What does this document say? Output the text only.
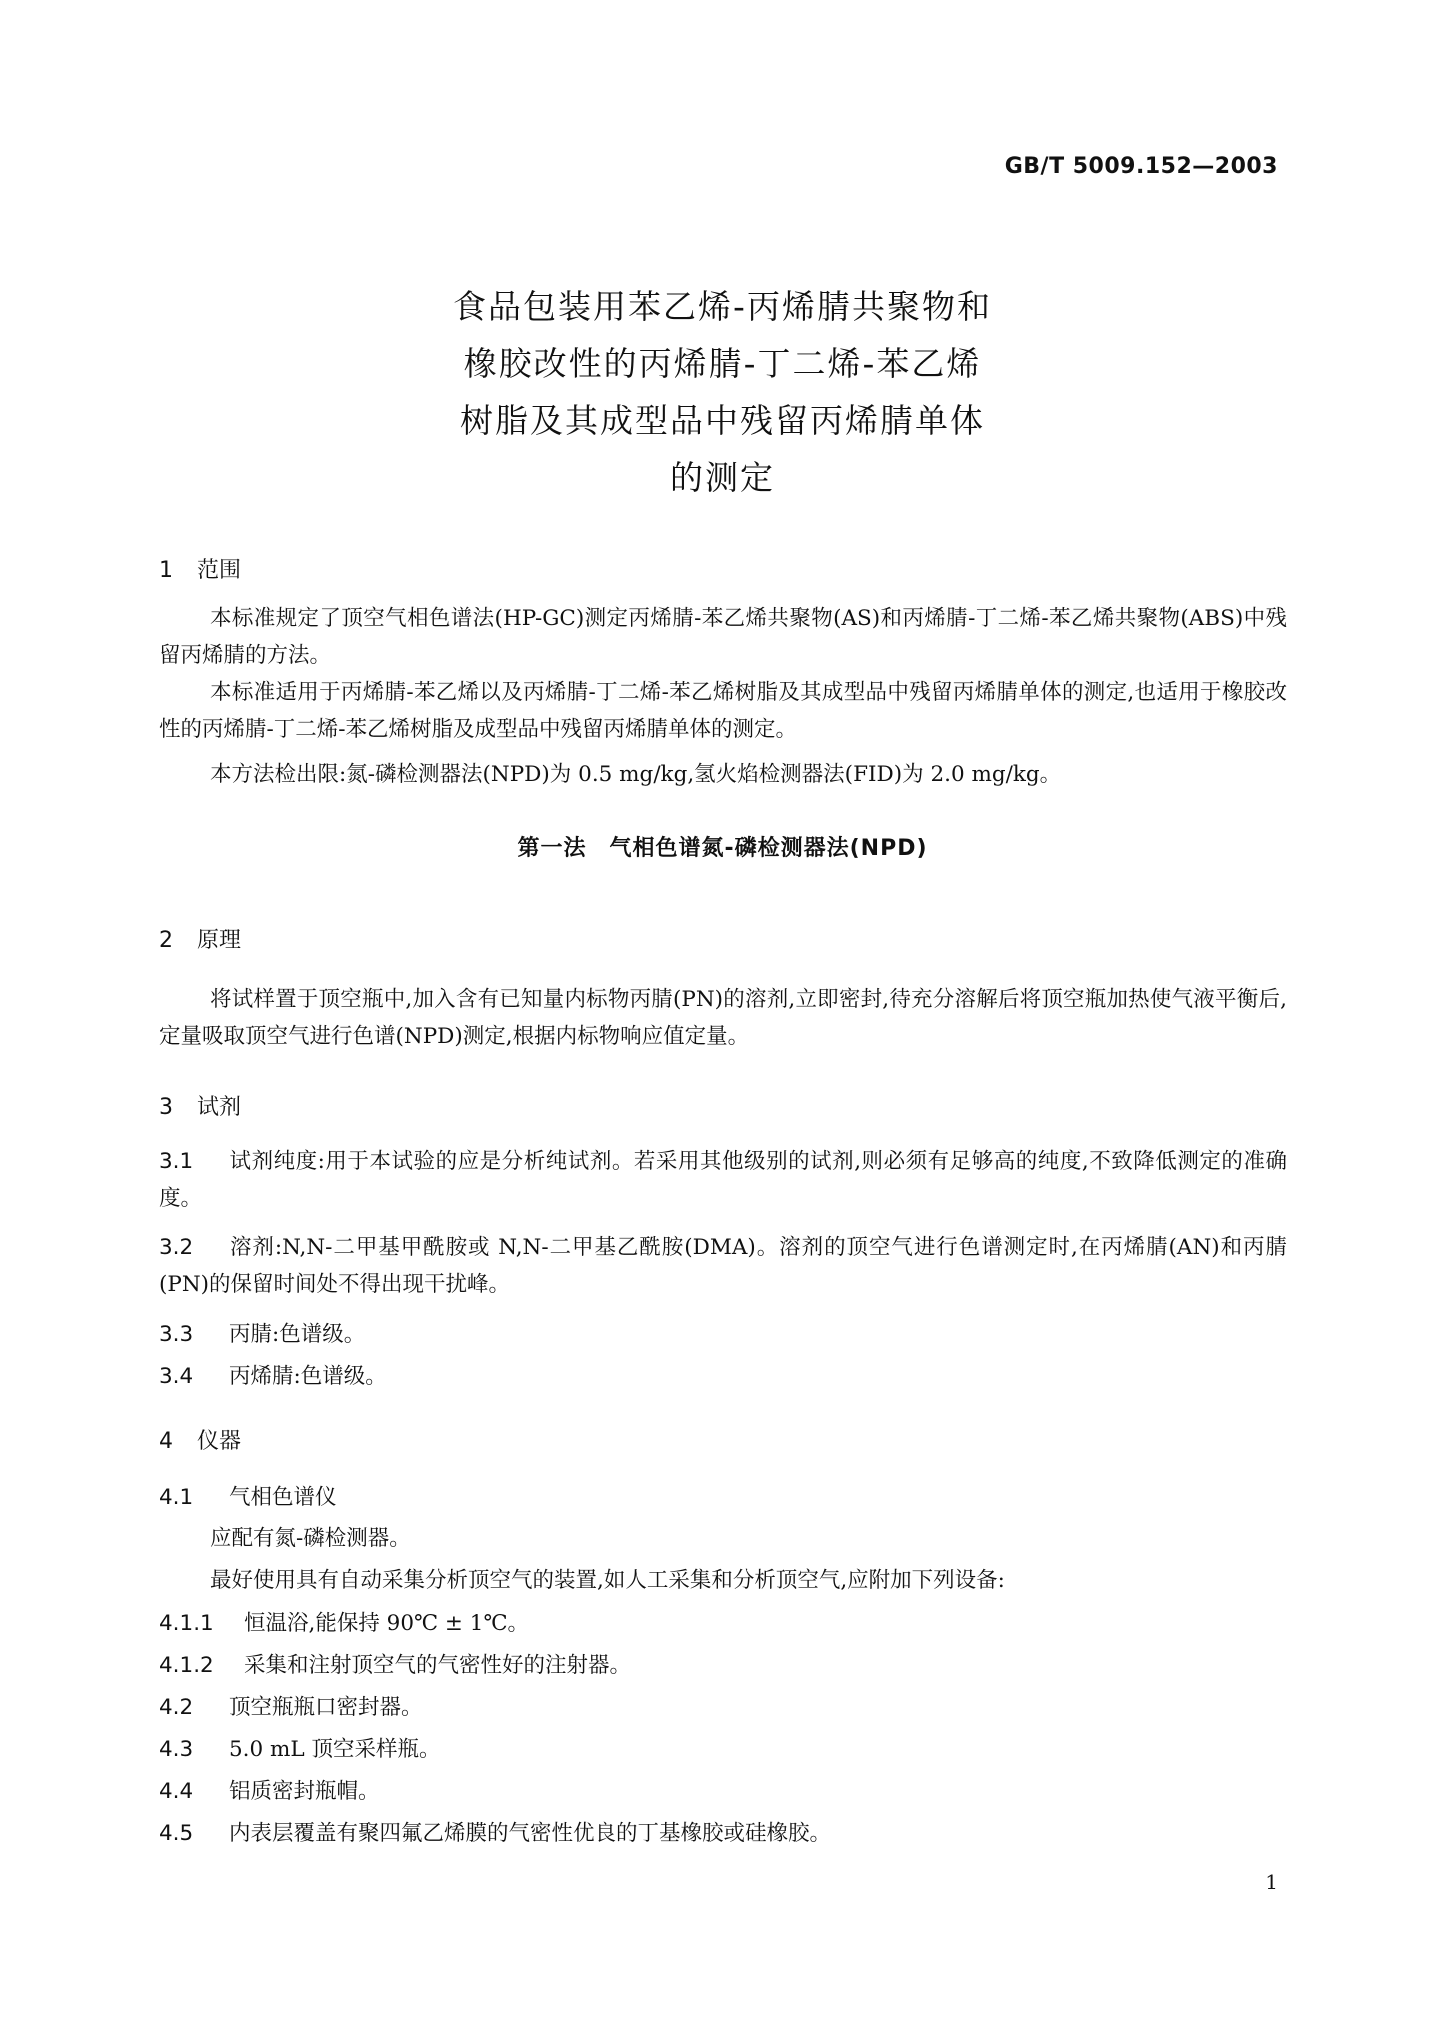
GB/T 5009.152—2003
食品包装用苯乙烯-丙烯腈共聚物和
橡胶改性的丙烯腈-丁二烯-苯乙烯
树脂及其成型品中残留丙烯腈单体
的测定
1 范围
本标准规定了顶空气相色谱法(HP-GC)测定丙烯腈-苯乙烯共聚物(AS)和丙烯腈-丁二烯-苯乙烯共聚物(ABS)中残留丙烯腈的方法。
本标准适用于丙烯腈-苯乙烯以及丙烯腈-丁二烯-苯乙烯树脂及其成型品中残留丙烯腈单体的测定,也适用于橡胶改性的丙烯腈-丁二烯-苯乙烯树脂及成型品中残留丙烯腈单体的测定。
本方法检出限:氮-磷检测器法(NPD)为 0.5 mg/kg,氢火焰检测器法(FID)为 2.0 mg/kg。
第一法　气相色谱氮-磷检测器法(NPD)
2 原理
将试样置于顶空瓶中,加入含有已知量内标物丙腈(PN)的溶剂,立即密封,待充分溶解后将顶空瓶加热使气液平衡后,定量吸取顶空气进行色谱(NPD)测定,根据内标物响应值定量。
3 试剂
3.1 试剂纯度:用于本试验的应是分析纯试剂。若采用其他级别的试剂,则必须有足够高的纯度,不致降低测定的准确度。
3.2 溶剂:N,N-二甲基甲酰胺或 N,N-二甲基乙酰胺(DMA)。溶剂的顶空气进行色谱测定时,在丙烯腈(AN)和丙腈(PN)的保留时间处不得出现干扰峰。
3.3 丙腈:色谱级。
3.4 丙烯腈:色谱级。
4 仪器
4.1 气相色谱仪
应配有氮-磷检测器。
最好使用具有自动采集分析顶空气的装置,如人工采集和分析顶空气,应附加下列设备:
4.1.1 恒温浴,能保持 90℃ ± 1℃。
4.1.2 采集和注射顶空气的气密性好的注射器。
4.2 顶空瓶瓶口密封器。
4.3 5.0 mL 顶空采样瓶。
4.4 铝质密封瓶帽。
4.5 内表层覆盖有聚四氟乙烯膜的气密性优良的丁基橡胶或硅橡胶。
1
